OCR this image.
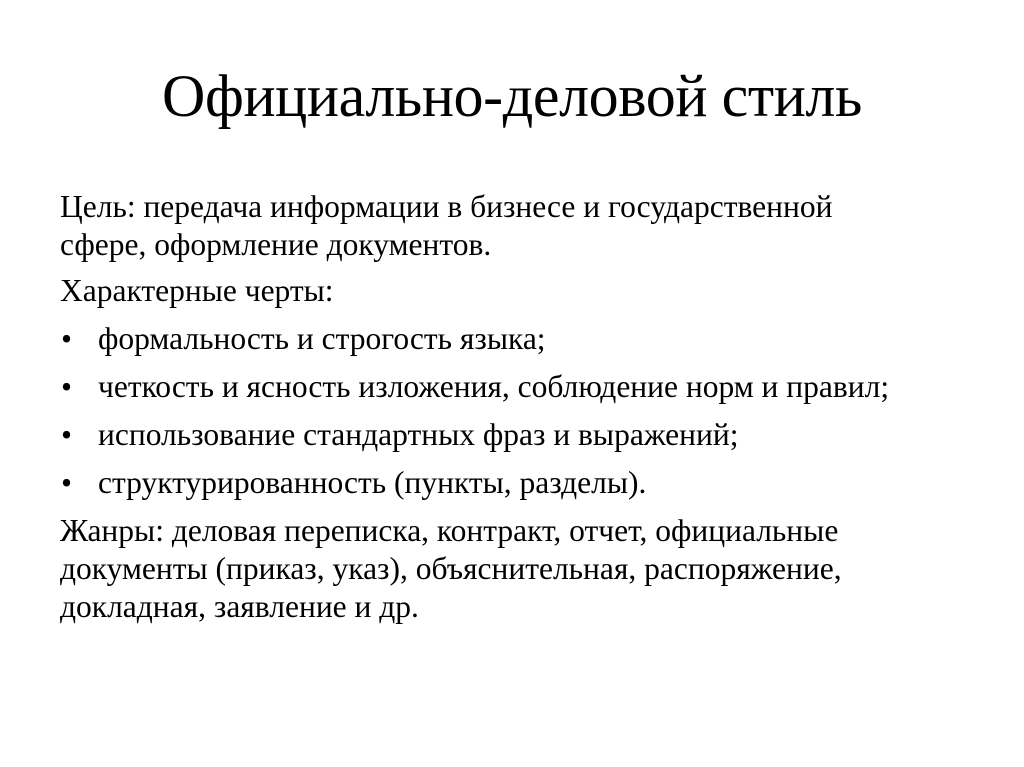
Официально-деловой стиль

Цель: передача информации в бизнесе и государственной
сфере, оформление документов.

Характерные черты:

• формальность и строгость языка;
• четкость и ясность изложения, соблюдение норм и правил;
• использование стандартных фраз и выражений;
• структурированность (пункты, разделы).

Жанры: деловая переписка, контракт, отчет, официальные
документы (приказ, указ), объяснительная, распоряжение,
докладная, заявление и др.
